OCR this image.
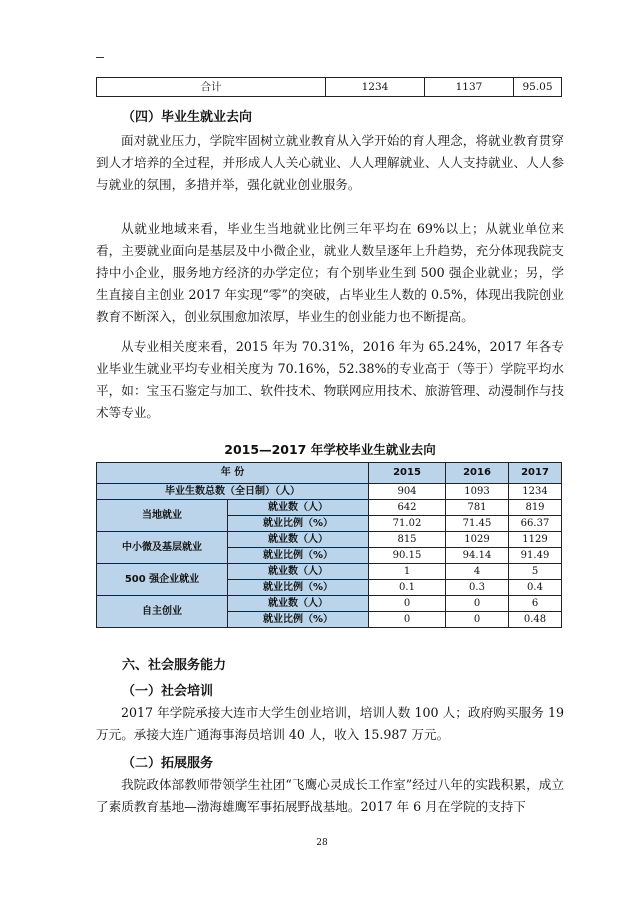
合计	1234	1137	95.05
（四）毕业生就业去向

面对就业压力，学院牢固树立就业教育从入学开始的育人理念，将就业教育贯穿到人才培养的全过程，并形成人人关心就业、人人理解就业、人人支持就业、人人参与就业的氛围，多措并举，强化就业创业服务。

从就业地域来看，毕业生当地就业比例三年平均在 69%以上；从就业单位来看，主要就业面向是基层及中小微企业，就业人数呈逐年上升趋势，充分体现我院支持中小企业，服务地方经济的办学定位；有个别毕业生到 500 强企业就业；另，学生直接自主创业 2017 年实现“零”的突破，占毕业生人数的 0.5%，体现出我院创业教育不断深入，创业氛围愈加浓厚，毕业生的创业能力也不断提高。

从专业相关度来看，2015 年为 70.31%，2016 年为 65.24%，2017 年各专业毕业生就业平均专业相关度为 70.16%，52.38%的专业高于（等于）学院平均水平，如：宝玉石鉴定与加工、软件技术、物联网应用技术、旅游管理、动漫制作与技术等专业。

2015—2017 年学校毕业生就业去向
年 份		2015	2016	2017
毕业生数总数（全日制）（人）		904	1093	1234
当地就业	就业数（人）	642	781	819
	就业比例（%）	71.02	71.45	66.37
中小微及基层就业	就业数（人）	815	1029	1129
	就业比例（%）	90.15	94.14	91.49
500 强企业就业	就业数（人）	1	4	5
	就业比例（%）	0.1	0.3	0.4
自主创业	就业数（人）	0	0	6
	就业比例（%）	0	0	0.48
六、社会服务能力
（一）社会培训

2017 年学院承接大连市大学生创业培训，培训人数 100 人；政府购买服务 19 万元。承接大连广通海事海员培训 40 人，收入 15.987 万元。

（二）拓展服务

我院政体部教师带领学生社团“飞鹰心灵成长工作室”经过八年的实践积累，成立了素质教育基地—渤海雄鹰军事拓展野战基地。2017 年 6 月在学院的支持下

28
